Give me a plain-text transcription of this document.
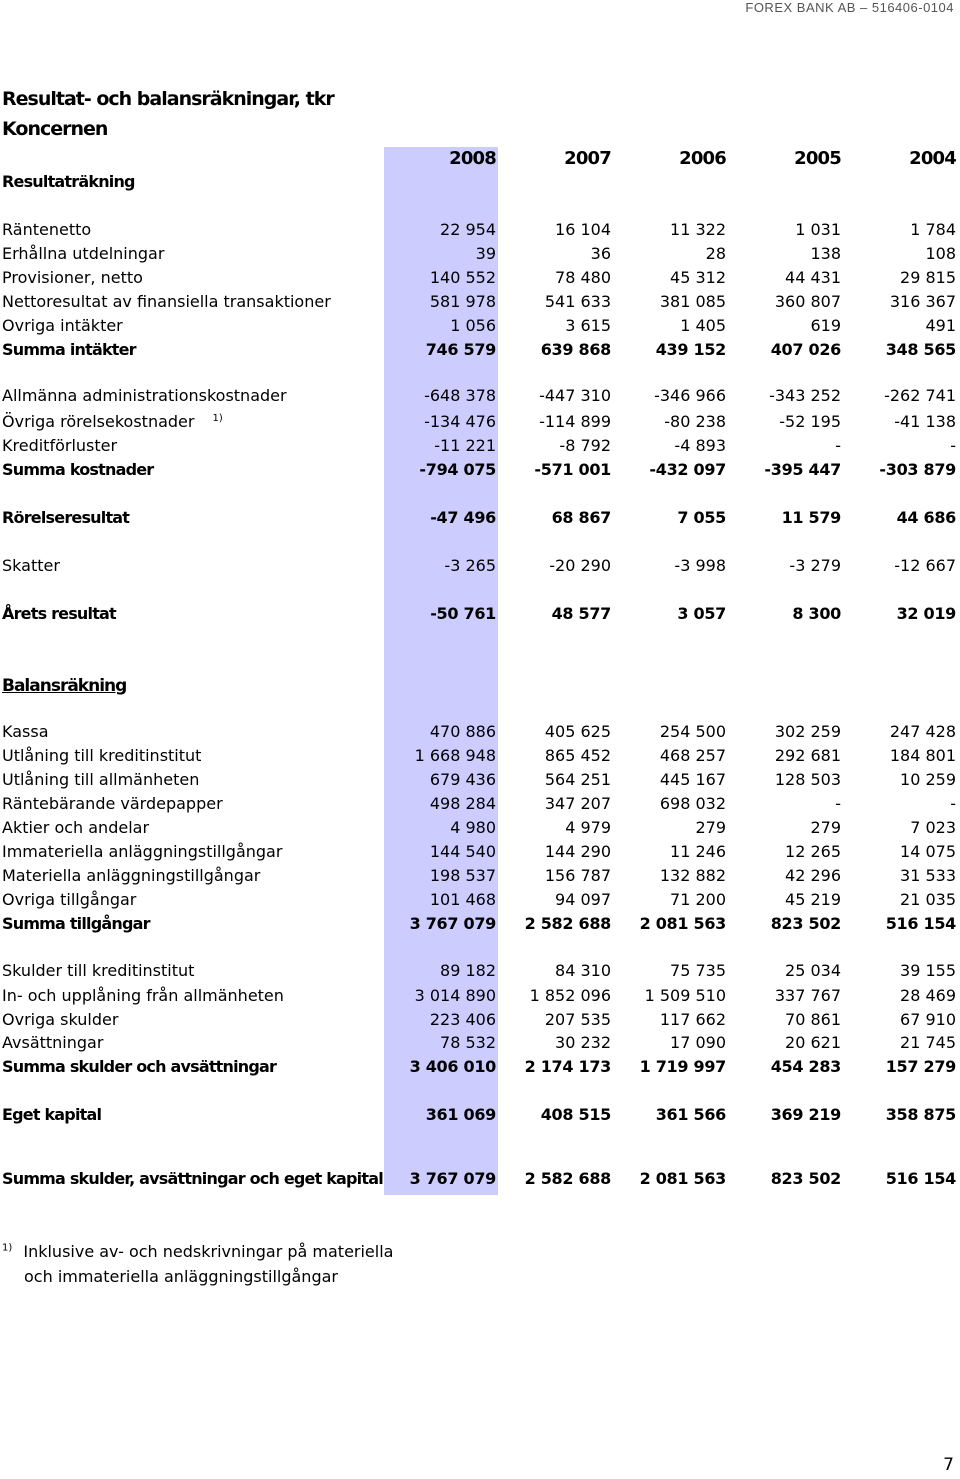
FOREX BANK AB – 516406-0104
Resultat- och balansräkningar, tkr
Koncernen
2008	2007	2006	2005	2004
Resultaträkning
Räntenetto	22 954	16 104	11 322	1 031	1 784
Erhållna utdelningar	39	36	28	138	108
Provisioner, netto	140 552	78 480	45 312	44 431	29 815
Nettoresultat av finansiella transaktioner	581 978	541 633	381 085	360 807	316 367
Ovriga intäkter	1 056	3 615	1 405	619	491
Summa intäkter	746 579	639 868	439 152	407 026	348 565
Allmänna administrationskostnader	-648 378	-447 310	-346 966	-343 252	-262 741
Övriga rörelsekostnader $^{1)}$	-134 476	-114 899	-80 238	-52 195	-41 138
Kreditförluster	-11 221	-8 792	-4 893	-	-
Summa kostnader	-794 075	-571 001	-432 097	-395 447	-303 879
Rörelseresultat	-47 496	68 867	7 055	11 579	44 686
Skatter	-3 265	-20 290	-3 998	-3 279	-12 667
Årets resultat	-50 761	48 577	3 057	8 300	32 019
Balansräkning
Kassa	470 886	405 625	254 500	302 259	247 428
Utlåning till kreditinstitut	1 668 948	865 452	468 257	292 681	184 801
Utlåning till allmänheten	679 436	564 251	445 167	128 503	10 259
Räntebärande värdepapper	498 284	347 207	698 032	-	-
Aktier och andelar	4 980	4 979	279	279	7 023
Immateriella anläggningstillgångar	144 540	144 290	11 246	12 265	14 075
Materiella anläggningstillgångar	198 537	156 787	132 882	42 296	31 533
Ovriga tillgångar	101 468	94 097	71 200	45 219	21 035
Summa tillgångar	3 767 079	2 582 688	2 081 563	823 502	516 154
Skulder till kreditinstitut	89 182	84 310	75 735	25 034	39 155
In- och upplåning från allmänheten	3 014 890	1 852 096	1 509 510	337 767	28 469
Ovriga skulder	223 406	207 535	117 662	70 861	67 910
Avsättningar	78 532	30 232	17 090	20 621	21 745
Summa skulder och avsättningar	3 406 010	2 174 173	1 719 997	454 283	157 279
Eget kapital	361 069	408 515	361 566	369 219	358 875
Summa skulder, avsättningar och eget kapital	3 767 079	2 582 688	2 081 563	823 502	516 154
$^{1)}$ Inklusive av- och nedskrivningar på materiella
och immateriella anläggningstillgångar
7
